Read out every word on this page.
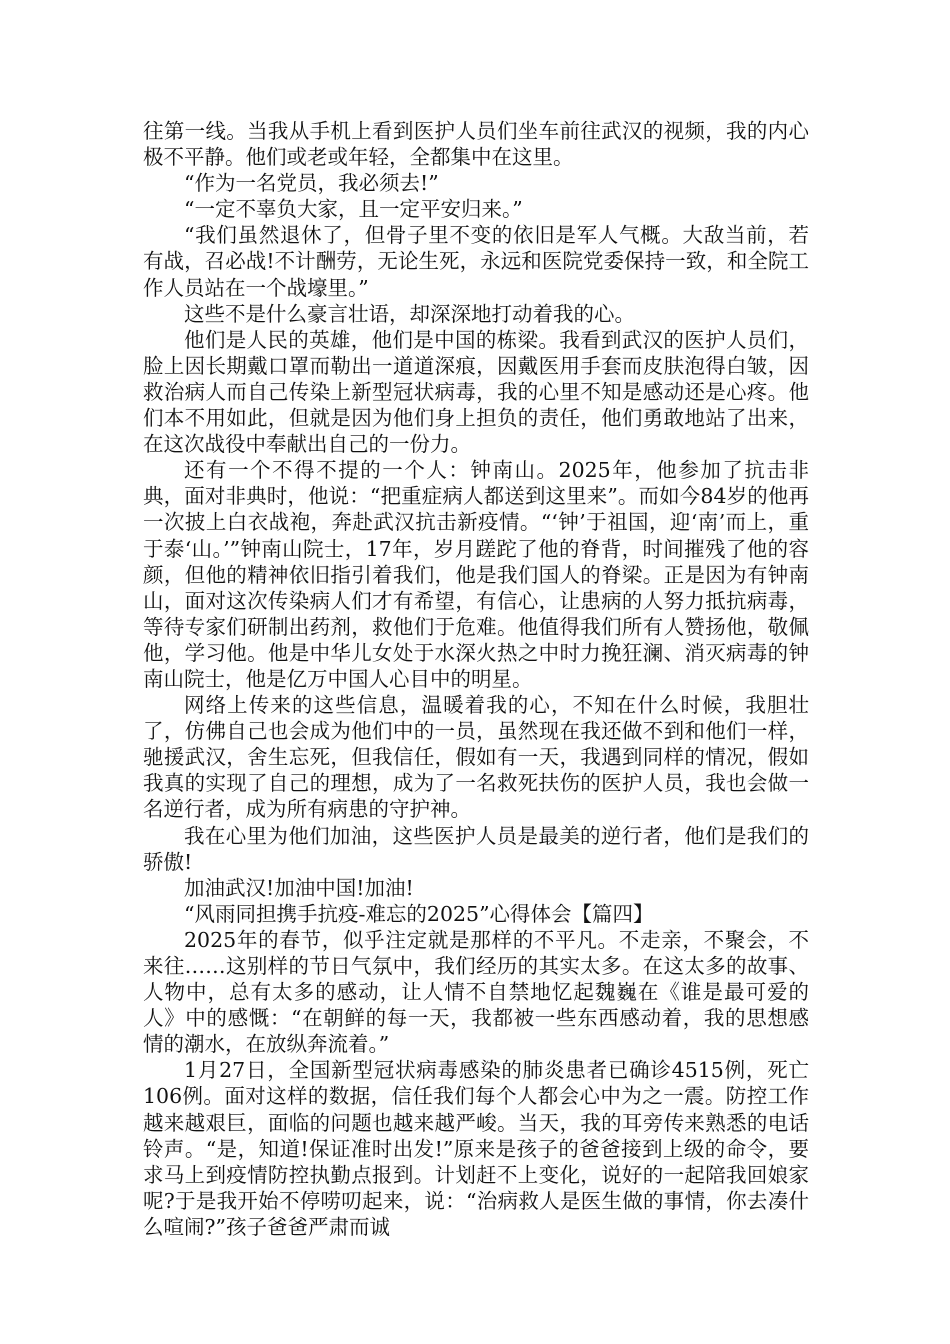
往第一线。当我从手机上看到医护人员们坐车前往武汉的视频，我的内心极不平静。他们或老或年轻，全都集中在这里。

“作为一名党员，我必须去!”

“一定不辜负大家，且一定平安归来。”

“我们虽然退休了，但骨子里不变的依旧是军人气概。大敌当前，若有战，召必战!不计酬劳，无论生死，永远和医院党委保持一致，和全院工作人员站在一个战壕里。”

这些不是什么豪言壮语，却深深地打动着我的心。

他们是人民的英雄，他们是中国的栋梁。我看到武汉的医护人员们，脸上因长期戴口罩而勒出一道道深痕，因戴医用手套而皮肤泡得白皱，因救治病人而自己传染上新型冠状病毒，我的心里不知是感动还是心疼。他们本不用如此，但就是因为他们身上担负的责任，他们勇敢地站了出来，在这次战役中奉献出自己的一份力。

还有一个不得不提的一个人：钟南山。2025年，他参加了抗击非典，面对非典时，他说：“把重症病人都送到这里来”。而如今84岁的他再一次披上白衣战袍，奔赴武汉抗击新疫情。“‘钟’于祖国，迎‘南’而上，重于泰‘山。’”钟南山院士，17年，岁月蹉跎了他的脊背，时间摧残了他的容颜，但他的精神依旧指引着我们，他是我们国人的脊梁。正是因为有钟南山，面对这次传染病人们才有希望，有信心，让患病的人努力抵抗病毒，等待专家们研制出药剂，救他们于危难。他值得我们所有人赞扬他，敬佩他，学习他。他是中华儿女处于水深火热之中时力挽狂澜、消灭病毒的钟南山院士，他是亿万中国人心目中的明星。

网络上传来的这些信息，温暖着我的心，不知在什么时候，我胆壮了，仿佛自己也会成为他们中的一员，虽然现在我还做不到和他们一样，驰援武汉，舍生忘死，但我信任，假如有一天，我遇到同样的情况，假如我真的实现了自己的理想，成为了一名救死扶伤的医护人员，我也会做一名逆行者，成为所有病患的守护神。

我在心里为他们加油，这些医护人员是最美的逆行者，他们是我们的骄傲!

加油武汉!加油中国!加油!

“风雨同担携手抗疫-难忘的2025”心得体会【篇四】

2025年的春节，似乎注定就是那样的不平凡。不走亲，不聚会，不来往……这别样的节日气氛中，我们经历的其实太多。在这太多的故事、人物中，总有太多的感动，让人情不自禁地忆起魏巍在《谁是最可爱的人》中的感慨：“在朝鲜的每一天，我都被一些东西感动着，我的思想感情的潮水，在放纵奔流着。”

1月27日，全国新型冠状病毒感染的肺炎患者已确诊4515例，死亡106例。面对这样的数据，信任我们每个人都会心中为之一震。防控工作越来越艰巨，面临的问题也越来越严峻。当天，我的耳旁传来熟悉的电话铃声。“是，知道!保证准时出发!”原来是孩子的爸爸接到上级的命令，要求马上到疫情防控执勤点报到。计划赶不上变化，说好的一起陪我回娘家呢?于是我开始不停唠叨起来，说：“治病救人是医生做的事情，你去凑什么喧闹?”孩子爸爸严肃而诚
